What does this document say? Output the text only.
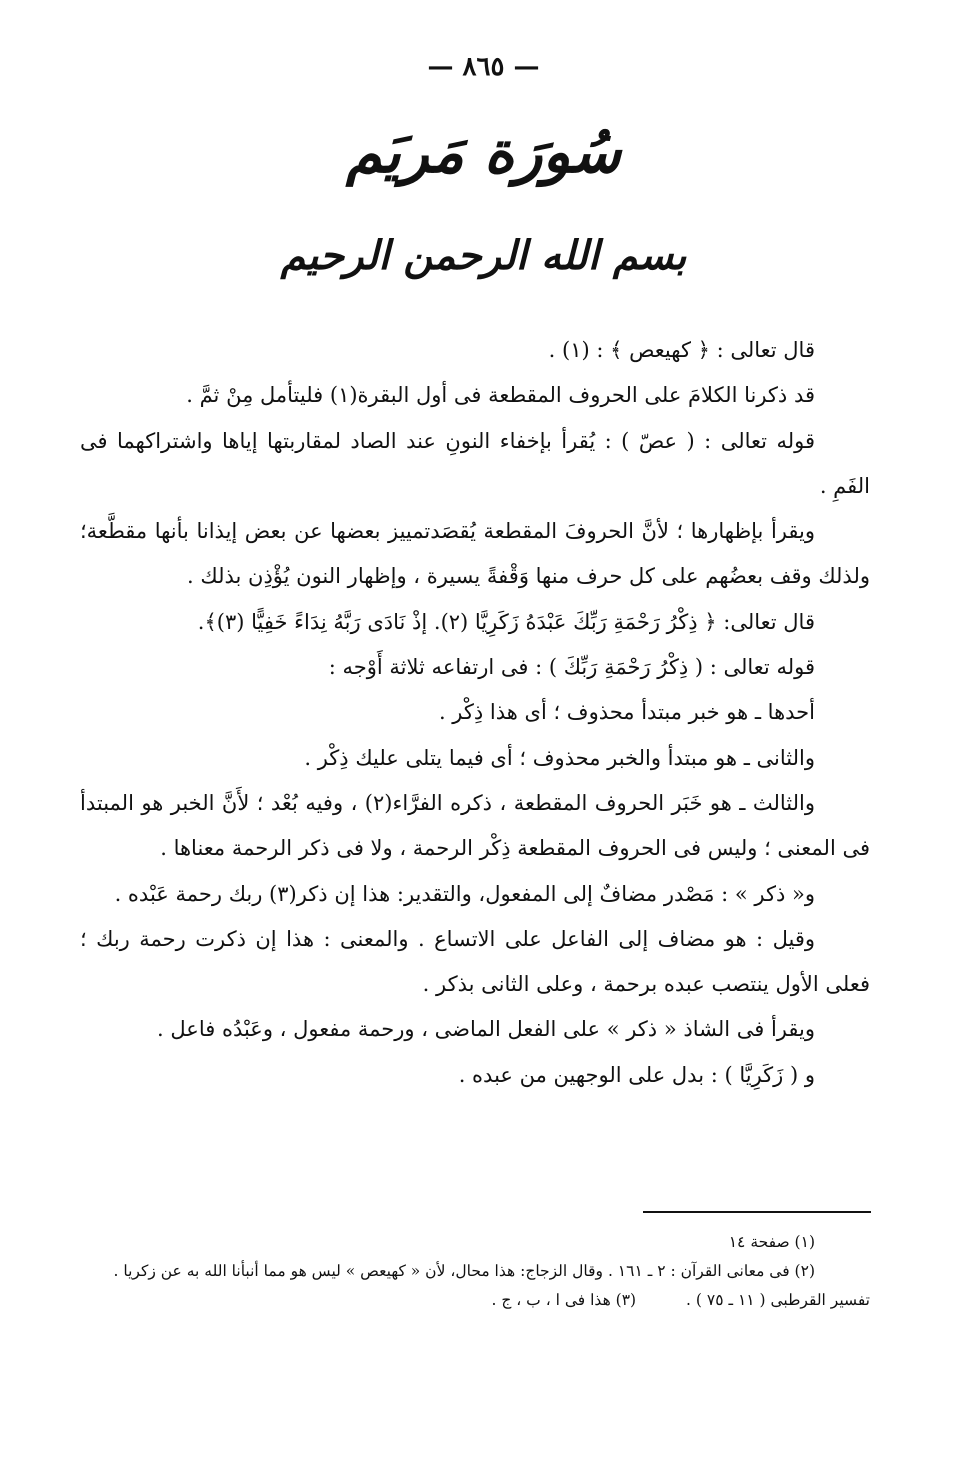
— ٨٦٥ —
سُورَة مَريَم
بسم الله الرحمن الرحيم

قال تعالى : ﴿ كهيعص ﴾ : (١) .

قد ذكرنا الكلامَ على الحروف المقطعة فى أول البقرة(١) فليتأمل مِنْ ثمَّ .

قوله تعالى : ( عصّ ) : يُقرأ بإخفاء النونِ عند الصاد لمقاربتها إياها واشتراكهما فى الفَمِ .

ويقرأ بإظهارها ؛ لأنَّ الحروفَ المقطعة يُقصَدتمييز بعضها عن بعض إيذانا بأنها مقطَّعة؛ ولذلك وقف بعضُهم على كل حرف منها وَقْفةً يسيرة ، وإظهار النون يُؤْذِن بذلك .

قال تعالى: ﴿ ذِكْرُ رَحْمَةِ رَبِّكَ عَبْدَهُ زَكَرِيَّا (٢). إذْ نَادَى رَبَّهُ نِدَاءً خَفِيًّا (٣)﴾.

قوله تعالى : ( ذِكْرُ رَحْمَةِ رَبِّكَ ) : فى ارتفاعه ثلاثة أَوْجه :

أحدها ـ هو خبر مبتدأ محذوف ؛ أى هذا ذِكْر .

والثانى ـ هو مبتدأ والخبر محذوف ؛ أى فيما يتلى عليك ذِكْر .

والثالث ـ هو خَبَر الحروف المقطعة ، ذكره الفرَّاء(٢) ، وفيه بُعْد ؛ لأَنَّ الخبر هو المبتدأ فى المعنى ؛ وليس فى الحروف المقطعة ذِكْر الرحمة ، ولا فى ذكر الرحمة معناها .

و« ذكر » : مَصْدر مضافٌ إلى المفعول، والتقدير: هذا إن ذكر(٣) ربك رحمة عَبْده .

وقيل : هو مضاف إلى الفاعل على الاتساع . والمعنى : هذا إن ذكرت رحمة ربك ؛ فعلى الأول ينتصب عبده برحمة ، وعلى الثانى بذكر .

ويقرأ فى الشاذ « ذكر » على الفعل الماضى ، ورحمة مفعول ، وعَبْدُه فاعل .

و ( زَكَرِيَّا ) : بدل على الوجهين من عبده .

(١) صفحة ١٤

(٢) فى معانى القرآن : ٢ ـ ١٦١ . وقال الزجاج: هذا محال، لأن « كهيعص » ليس هو مما أنبأنا الله به عن زكريا . تفسير القرطبى ( ١١ ـ ٧٥ ) . (٣) هذا فى ا ، ب ، ج .
